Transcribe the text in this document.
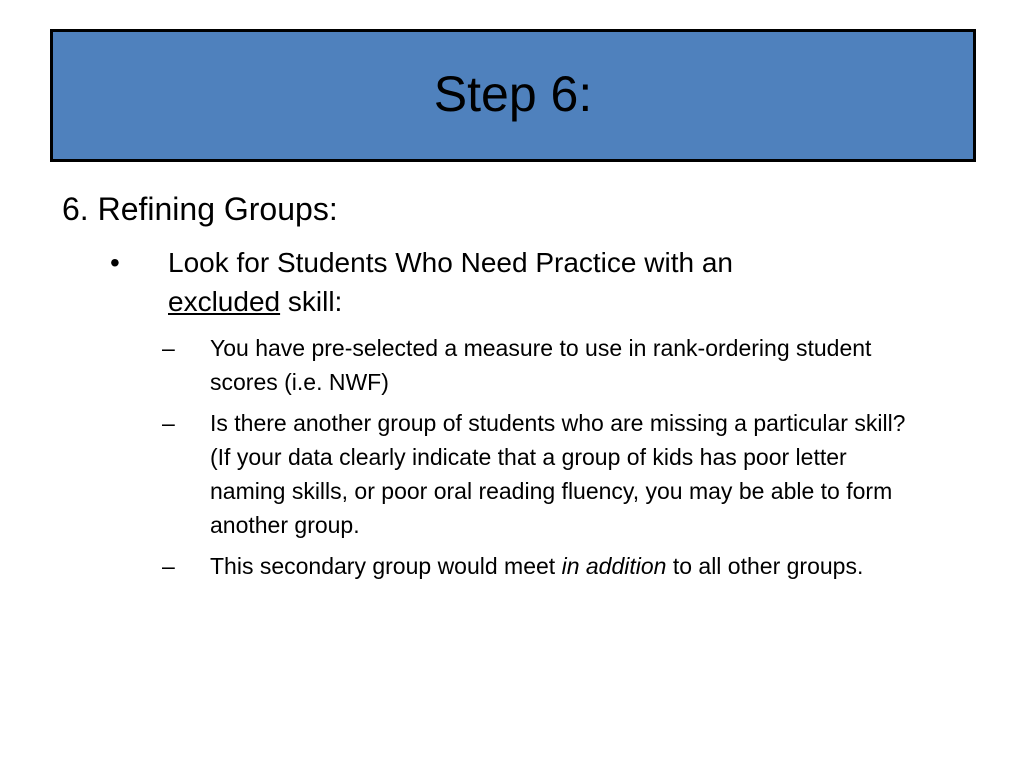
Step 6:
6. Refining Groups:
•	Look for Students Who Need Practice with an
excluded skill:
–	You have pre-selected a measure to use in rank-ordering student scores (i.e. NWF)
–	Is there another group of students who are missing a particular skill? (If your data clearly indicate that a group of kids has poor letter naming skills, or poor oral reading fluency, you may be able to form another group.
–	This secondary group would meet in addition to all other groups.
